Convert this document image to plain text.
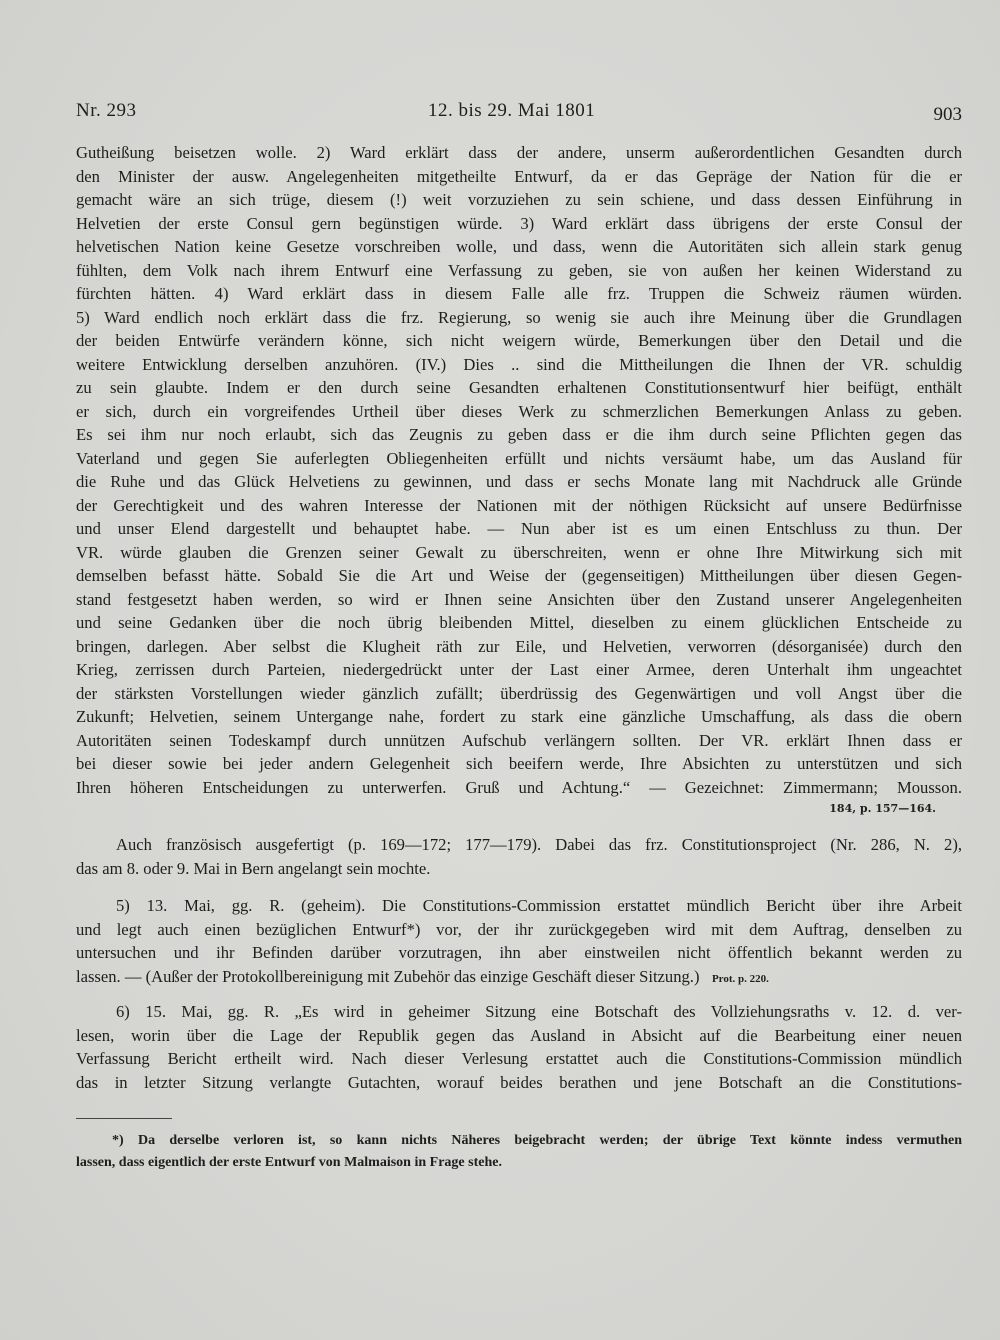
Nr. 293	12. bis 29. Mai 1801	903
Gutheißung beisetzen wolle. 2) Ward erklärt dass der andere, unserm außerordentlichen Gesandten durch
den Minister der ausw. Angelegenheiten mitgetheilte Entwurf, da er das Gepräge der Nation für die er
gemacht wäre an sich trüge, diesem (!) weit vorzuziehen zu sein schiene, und dass dessen Einführung in
Helvetien der erste Consul gern begünstigen würde. 3) Ward erklärt dass übrigens der erste Consul der
helvetischen Nation keine Gesetze vorschreiben wolle, und dass, wenn die Autoritäten sich allein stark genug
fühlten, dem Volk nach ihrem Entwurf eine Verfassung zu geben, sie von außen her keinen Widerstand zu
fürchten hätten. 4) Ward erklärt dass in diesem Falle alle frz. Truppen die Schweiz räumen würden.
5) Ward endlich noch erklärt dass die frz. Regierung, so wenig sie auch ihre Meinung über die Grundlagen
der beiden Entwürfe verändern könne, sich nicht weigern würde, Bemerkungen über den Detail und die
weitere Entwicklung derselben anzuhören. (IV.) Dies .. sind die Mittheilungen die Ihnen der VR. schuldig
zu sein glaubte. Indem er den durch seine Gesandten erhaltenen Constitutionsentwurf hier beifügt, enthält
er sich, durch ein vorgreifendes Urtheil über dieses Werk zu schmerzlichen Bemerkungen Anlass zu geben.
Es sei ihm nur noch erlaubt, sich das Zeugnis zu geben dass er die ihm durch seine Pflichten gegen das
Vaterland und gegen Sie auferlegten Obliegenheiten erfüllt und nichts versäumt habe, um das Ausland für
die Ruhe und das Glück Helvetiens zu gewinnen, und dass er sechs Monate lang mit Nachdruck alle Gründe
der Gerechtigkeit und des wahren Interesse der Nationen mit der nöthigen Rücksicht auf unsere Bedürfnisse
und unser Elend dargestellt und behauptet habe. — Nun aber ist es um einen Entschluss zu thun. Der
VR. würde glauben die Grenzen seiner Gewalt zu überschreiten, wenn er ohne Ihre Mitwirkung sich mit
demselben befasst hätte. Sobald Sie die Art und Weise der (gegenseitigen) Mittheilungen über diesen Gegen-
stand festgesetzt haben werden, so wird er Ihnen seine Ansichten über den Zustand unserer Angelegenheiten
und seine Gedanken über die noch übrig bleibenden Mittel, dieselben zu einem glücklichen Entscheide zu
bringen, darlegen. Aber selbst die Klugheit räth zur Eile, und Helvetien, verworren (désorganisée) durch den
Krieg, zerrissen durch Parteien, niedergedrückt unter der Last einer Armee, deren Unterhalt ihm ungeachtet
der stärksten Vorstellungen wieder gänzlich zufällt; überdrüssig des Gegenwärtigen und voll Angst über die
Zukunft; Helvetien, seinem Untergange nahe, fordert zu stark eine gänzliche Umschaffung, als dass die obern
Autoritäten seinen Todeskampf durch unnützen Aufschub verlängern sollten. Der VR. erklärt Ihnen dass er
bei dieser sowie bei jeder andern Gelegenheit sich beeifern werde, Ihre Absichten zu unterstützen und sich
Ihren höheren Entscheidungen zu unterwerfen. Gruß und Achtung.“ — Gezeichnet: Zimmermann; Mousson.
184, p. 157—164.
Auch französisch ausgefertigt (p. 169—172; 177—179). Dabei das frz. Constitutionsproject (Nr. 286, N. 2),
das am 8. oder 9. Mai in Bern angelangt sein mochte.
5) 13. Mai, gg. R. (geheim). Die Constitutions-Commission erstattet mündlich Bericht über ihre Arbeit
und legt auch einen bezüglichen Entwurf*) vor, der ihr zurückgegeben wird mit dem Auftrag, denselben zu
untersuchen und ihr Befinden darüber vorzutragen, ihn aber einstweilen nicht öffentlich bekannt werden zu
lassen. — (Außer der Protokollbereinigung mit Zubehör das einzige Geschäft dieser Sitzung.) Prot. p. 220.
6) 15. Mai, gg. R. „Es wird in geheimer Sitzung eine Botschaft des Vollziehungsraths v. 12. d. ver-
lesen, worin über die Lage der Republik gegen das Ausland in Absicht auf die Bearbeitung einer neuen
Verfassung Bericht ertheilt wird. Nach dieser Verlesung erstattet auch die Constitutions-Commission mündlich
das in letzter Sitzung verlangte Gutachten, worauf beides berathen und jene Botschaft an die Constitutions-
*) Da derselbe verloren ist, so kann nichts Näheres beigebracht werden; der übrige Text könnte indess vermuthen
lassen, dass eigentlich der erste Entwurf von Malmaison in Frage stehe.
